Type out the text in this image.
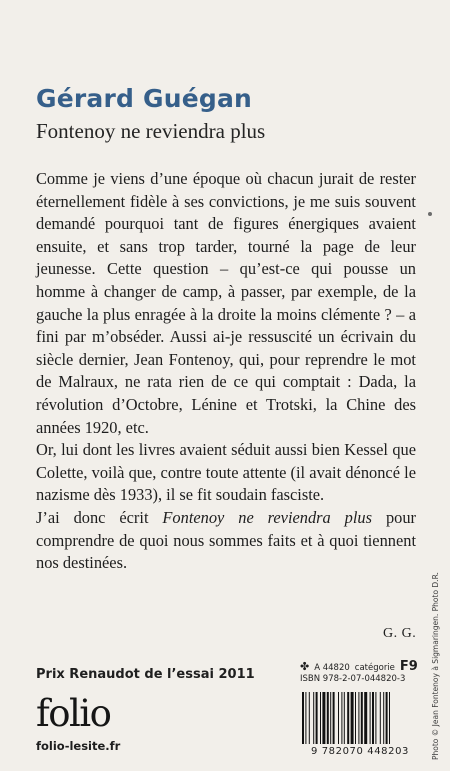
Gérard Guégan
Fontenoy ne reviendra plus

Comme je viens d’une époque où chacun jurait de rester éternellement fidèle à ses convictions, je me suis souvent demandé pourquoi tant de figures énergiques avaient ensuite, et sans trop tarder, tourné la page de leur jeunesse. Cette question – qu’est-ce qui pousse un homme à changer de camp, à passer, par exemple, de la gauche la plus enragée à la droite la moins clémente ? – a fini par m’obséder. Aussi ai-je ressuscité un écrivain du siècle dernier, Jean Fontenoy, qui, pour reprendre le mot de Malraux, ne rata rien de ce qui comptait : Dada, la révolution d’Octobre, Lénine et Trotski, la Chine des années 1920, etc.

Or, lui dont les livres avaient séduit aussi bien Kessel que Colette, voilà que, contre toute attente (il avait dénoncé le nazisme dès 1933), il se fit soudain fasciste.

J’ai donc écrit Fontenoy ne reviendra plus pour comprendre de quoi nous sommes faits et à quoi tiennent nos destinées.

G. G.
Prix Renaudot de l’essai 2011
folio
folio-lesite.fr
✤ A 44820 catégorie F9
ISBN 978-2-07-044820-3
9 782070 448203	Photo © Jean Fontenoy à Sigmaringen. Photo D.R.
